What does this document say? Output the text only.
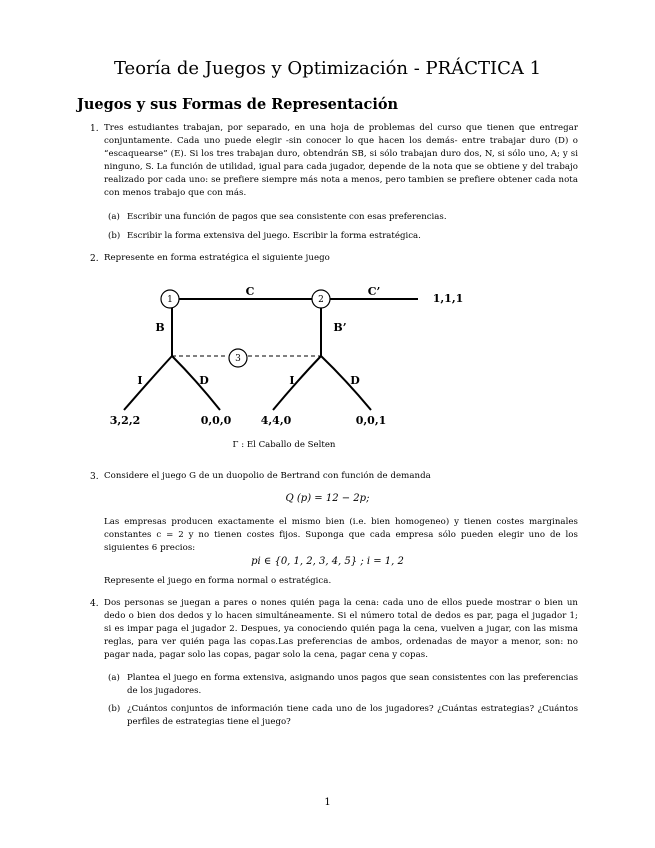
Teoría de Juegos y Optimización - PRÁCTICA 1
Juegos y sus Formas de Representación
1. Tres estudiantes trabajan, por separado, en una hoja de problemas del curso que tienen que entregar conjuntamente. Cada uno puede elegir -sin conocer lo que hacen los demás- entre trabajar duro (D) o “escaquearse” (E). Si los tres trabajan duro, obtendrán SB, si sólo trabajan duro dos, N, si sólo uno, A; y si ninguno, S. La función de utilidad, igual para cada jugador, depende de la nota que se obtiene y del trabajo realizado por cada uno: se prefiere siempre más nota a menos, pero tambien se prefiere obtener cada nota con menos trabajo que con más.

(a) Escribir una función de pagos que sea consistente con esas preferencias.

(b) Escribir la forma extensiva del juego. Escribir la forma estratégica.

2. Represente en forma estratégica el siguiente juego

1	2
3
C	C’
B	B’
I	D	I	D
1,1,1
3,2,2	0,0,0	4,4,0	0,0,1
Γ : El Caballo de Selten
3. Considere el juego G de un duopolio de Bertrand con función de demanda

Q (p) = 12 − 2p;

Las empresas producen exactamente el mismo bien (i.e. bien homogeneo) y tienen costes marginales constantes c = 2 y no tienen costes fijos. Suponga que cada empresa sólo pueden elegir uno de los siguientes 6 precios:

pi ∈ {0, 1, 2, 3, 4, 5} ; i = 1, 2

Represente el juego en forma normal o estratégica.

4. Dos personas se juegan a pares o nones quién paga la cena: cada uno de ellos puede mostrar o bien un dedo o bien dos dedos y lo hacen simultáneamente. Si el número total de dedos es par, paga el jugador 1; si es impar paga el jugador 2. Despues, ya conociendo quién paga la cena, vuelven a jugar, con las misma reglas, para ver quién paga las copas.Las preferencias de ambos, ordenadas de mayor a menor, son: no pagar nada, pagar solo las copas, pagar solo la cena, pagar cena y copas.

(a) Plantea el juego en forma extensiva, asignando unos pagos que sean consistentes con las preferencias de los jugadores.

(b) ¿Cuántos conjuntos de información tiene cada uno de los jugadores? ¿Cuántas estrategias? ¿Cuántos perfiles de estrategias tiene el juego?

1
